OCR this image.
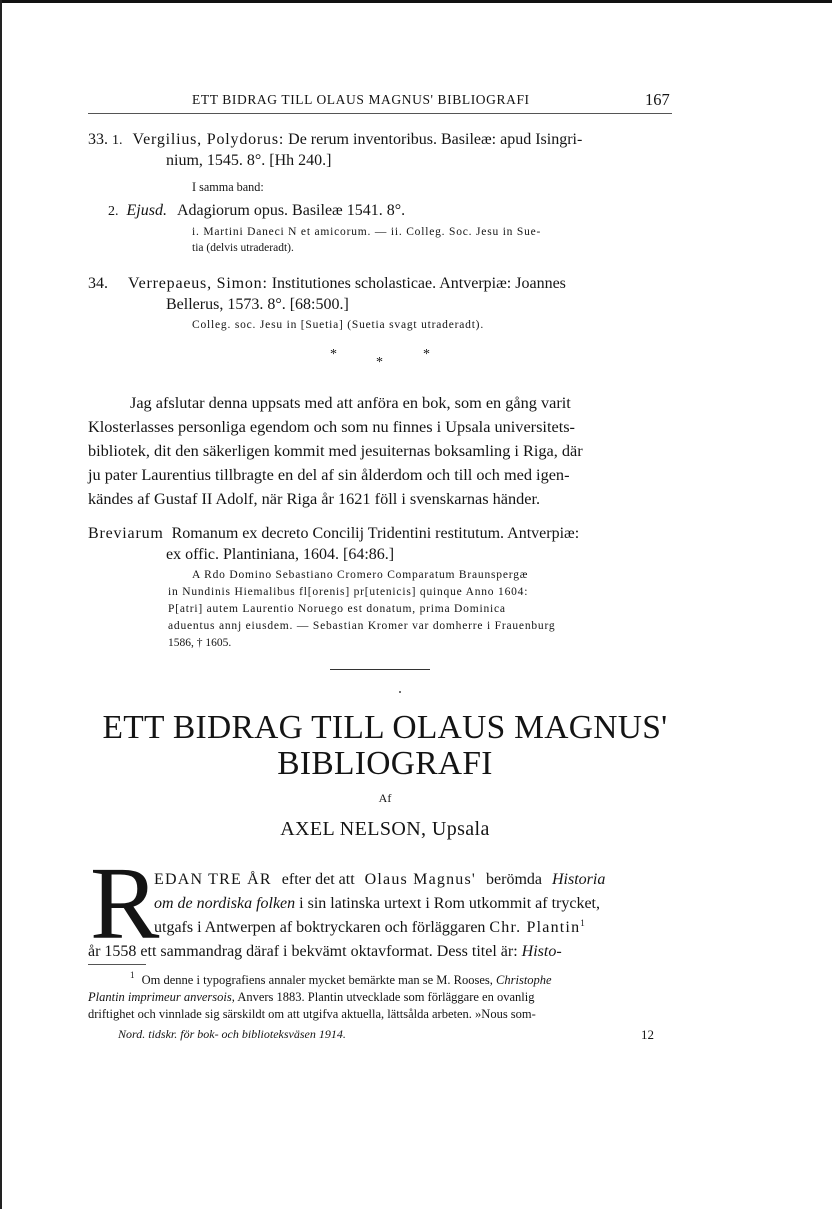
ETT BIDRAG TILL OLAUS MAGNUS' BIBLIOGRAFI	167
33. 1. Vergilius, Polydorus: De rerum inventoribus. Basileæ: apud Isingri-
nium, 1545. 8°. [Hh 240.]
I samma band:
2. Ejusd. Adagiorum opus. Basileæ 1541. 8°.
i. Martini Daneci N et amicorum. — ii. Colleg. Soc. Jesu in Sue-
tia (delvis utraderadt).
34. Verrepaeus, Simon: Institutiones scholasticae. Antverpiæ: Joannes
Bellerus, 1573. 8°. [68:500.]
Colleg. soc. Jesu in [Suetia] (Suetia svagt utraderadt).
*
*
*
Jag afslutar denna uppsats med att anföra en bok, som en gång varit
Klosterlasses personliga egendom och som nu finnes i Upsala universitets-
bibliotek, dit den säkerligen kommit med jesuiternas boksamling i Riga, där
ju pater Laurentius tillbragte en del af sin ålderdom och till och med igen-
kändes af Gustaf II Adolf, när Riga år 1621 föll i svenskarnas händer.
Breviarum Romanum ex decreto Concilij Tridentini restitutum. Antverpiæ:
ex offic. Plantiniana, 1604. [64:86.]
A Rdo Domino Sebastiano Cromero Comparatum Braunspergæ
in Nundinis Hiemalibus fl[orenis] pr[utenicis] quinque Anno 1604:
P[atri] autem Laurentio Noruego est donatum, prima Dominica
aduentus annj eiusdem. — Sebastian Kromer var domherre i Frauenburg
1586, † 1605.
ETT BIDRAG TILL OLAUS MAGNUS'
BIBLIOGRAFI
Af
AXEL NELSON, Upsala
R
EDAN TRE ÅR efter det att Olaus Magnus' berömda Historia
om de nordiska folken i sin latinska urtext i Rom utkommit af trycket,
utgafs i Antwerpen af boktryckaren och förläggaren Chr. Plantin$^1$
år 1558 ett sammandrag däraf i bekvämt oktavformat. Dess titel är: Histo-
$^1$ Om denne i typografiens annaler mycket bemärkte man se M. Rooses, Christophe
Plantin imprimeur anversois, Anvers 1883. Plantin utvecklade som förläggare en ovanlig
driftighet och vinnlade sig särskildt om att utgifva aktuella, lättsålda arbeten. »Nous som-
Nord. tidskr. för bok- och biblioteksväsen 1914.	12
